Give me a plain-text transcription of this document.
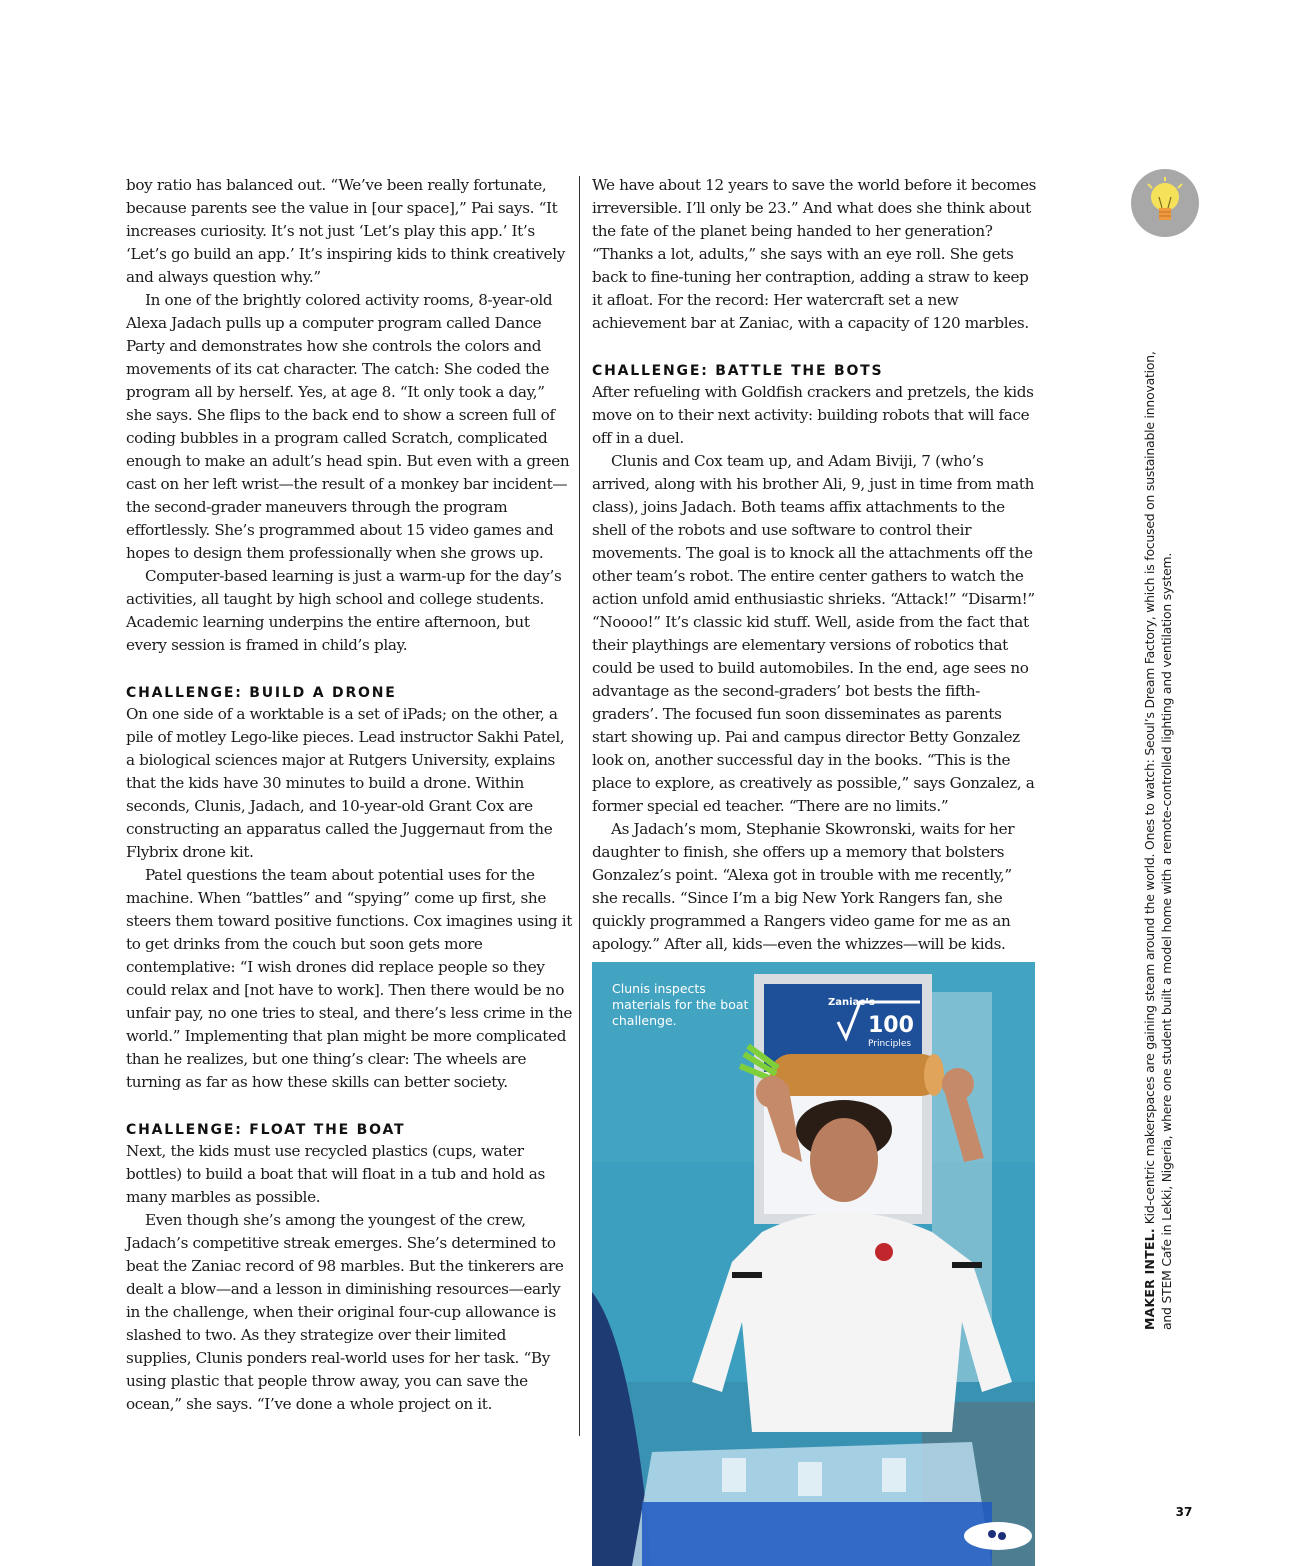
boy ratio has balanced out. “We’ve been really fortunate, because parents see the value in [our space],” Pai says. “It increases curiosity. It’s not just ‘Let’s play this app.’ It’s ‘Let’s go build an app.’ It’s inspiring kids to think creatively and always question why.”

In one of the brightly colored activity rooms, 8-year-old Alexa Jadach pulls up a computer program called Dance Party and demonstrates how she controls the colors and movements of its cat character. The catch: She coded the program all by herself. Yes, at age 8. “It only took a day,” she says. She flips to the back end to show a screen full of coding bubbles in a program called Scratch, complicated enough to make an adult’s head spin. But even with a green cast on her left wrist—the result of a monkey bar incident—the second-grader maneuvers through the program effortlessly. She’s programmed about 15 video games and hopes to design them professionally when she grows up.

Computer-based learning is just a warm-up for the day’s activities, all taught by high school and college students. Academic learning underpins the entire afternoon, but every session is framed in child’s play.

CHALLENGE: BUILD A DRONE

On one side of a worktable is a set of iPads; on the other, a pile of motley Lego-like pieces. Lead instructor Sakhi Patel, a biological sciences major at Rutgers University, explains that the kids have 30 minutes to build a drone. Within seconds, Clunis, Jadach, and 10-year-old Grant Cox are constructing an apparatus called the Juggernaut from the Flybrix drone kit.

Patel questions the team about potential uses for the machine. When “battles” and “spying” come up first, she steers them toward positive functions. Cox imagines using it to get drinks from the couch but soon gets more contemplative: “I wish drones did replace people so they could relax and [not have to work]. Then there would be no unfair pay, no one tries to steal, and there’s less crime in the world.” Implementing that plan might be more complicated than he realizes, but one thing’s clear: The wheels are turning as far as how these skills can better society.

CHALLENGE: FLOAT THE BOAT

Next, the kids must use recycled plastics (cups, water bottles) to build a boat that will float in a tub and hold as many marbles as possible.

Even though she’s among the youngest of the crew, Jadach’s competitive streak emerges. She’s determined to beat the Zaniac record of 98 marbles. But the tinkerers are dealt a blow—and a lesson in diminishing resources—early in the challenge, when their original four-cup allowance is slashed to two. As they strategize over their limited supplies, Clunis ponders real-world uses for her task. “By using plastic that people throw away, you can save the ocean,” she says. “I’ve done a whole project on it.

We have about 12 years to save the world before it becomes irreversible. I’ll only be 23.” And what does she think about the fate of the planet being handed to her generation? “Thanks a lot, adults,” she says with an eye roll. She gets back to fine-tuning her contraption, adding a straw to keep it afloat. For the record: Her watercraft set a new achievement bar at Zaniac, with a capacity of 120 marbles.

CHALLENGE: BATTLE THE BOTS

After refueling with Goldfish crackers and pretzels, the kids move on to their next activity: building robots that will face off in a duel.

Clunis and Cox team up, and Adam Biviji, 7 (who’s arrived, along with his brother Ali, 9, just in time from math class), joins Jadach. Both teams affix attachments to the shell of the robots and use software to control their movements. The goal is to knock all the attachments off the other team’s robot. The entire center gathers to watch the action unfold amid enthusiastic shrieks. “Attack!” “Disarm!” “Noooo!” It’s classic kid stuff. Well, aside from the fact that their playthings are elementary versions of robotics that could be used to build automobiles. In the end, age sees no advantage as the second-graders’ bot bests the fifth-graders’. The focused fun soon disseminates as parents start showing up. Pai and campus director Betty Gonzalez look on, another successful day in the books. “This is the place to explore, as creatively as possible,” says Gonzalez, a former special ed teacher. “There are no limits.”

As Jadach’s mom, Stephanie Skowronski, waits for her daughter to finish, she offers up a memory that bolsters Gonzalez’s point. “Alexa got in trouble with me recently,” she recalls. “Since I’m a big New York Rangers fan, she quickly programmed a Rangers video game for me as an apology.” After all, kids—even the whizzes—will be kids.

Zaniac’s
100
Principles
Clunis inspects materials for the boat challenge.
MAKER INTEL. Kid-centric makerspaces are gaining steam around the world. Ones to watch: Seoul’s Dream Factory, which is focused on sustainable innovation, and STEM Cafe in Lekki, Nigeria, where one student built a model home with a remote-controlled lighting and ventilation system.
37
